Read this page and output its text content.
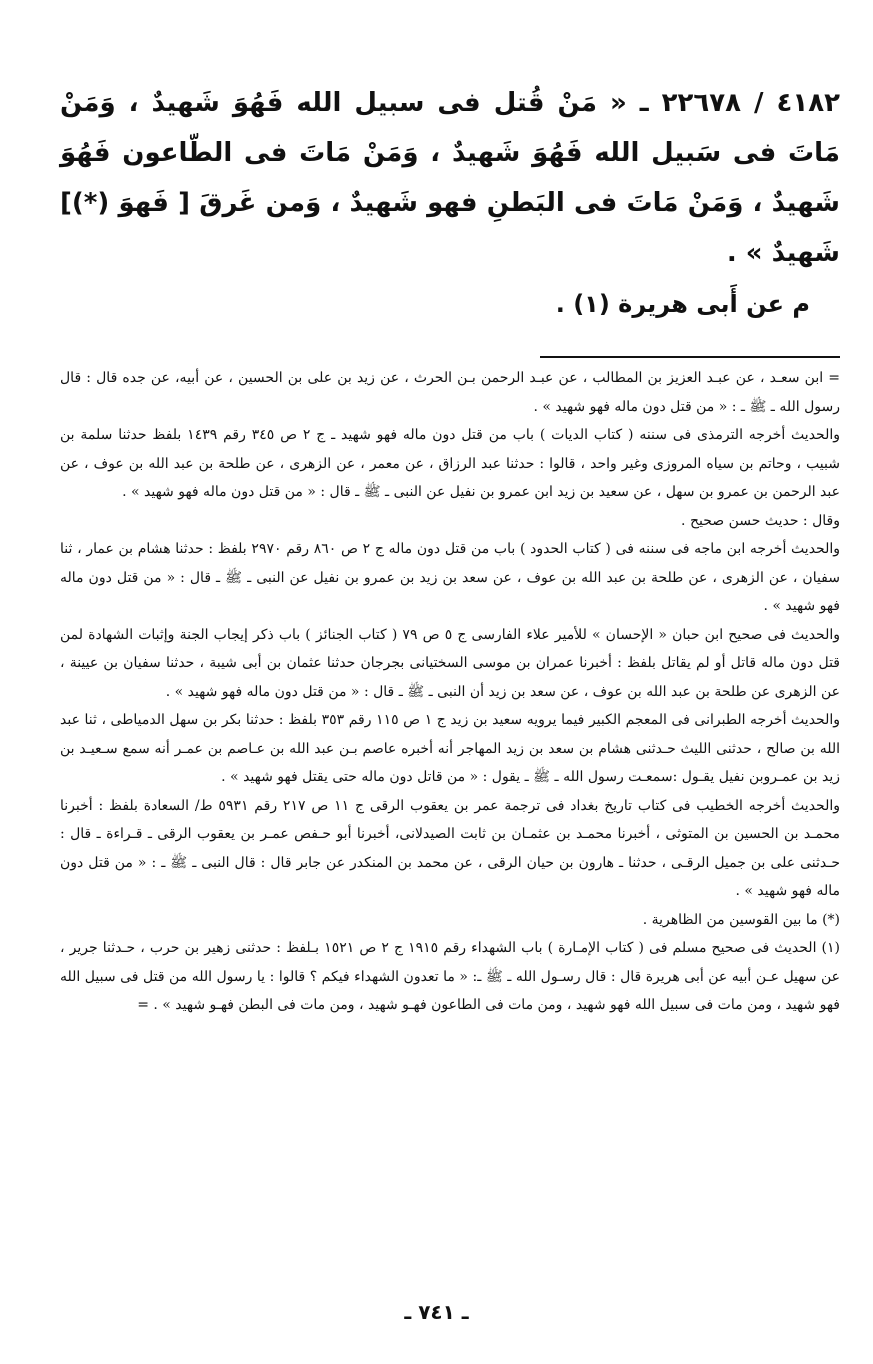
٤١٨٢ / ٢٢٦٧٨ ـ « مَنْ قُتل فى سبيل الله فَهُوَ شَهيدٌ ، وَمَنْ مَاتَ فى سَبيل الله فَهُوَ شَهيدٌ ، وَمَنْ مَاتَ فى الطّاعون فَهُوَ شَهيدٌ ، وَمَنْ مَاتَ فى البَطنِ فهو شَهيدٌ ، وَمن غَرقَ [ فَهوَ (*)] شَهيدٌ » .

م عن أَبى هريرة (١) .

= ابن سعـد ، عن عبـد العزيز بن المطالب ، عن عبـد الرحمن بـن الحرث ، عن زيد بن على بن الحسين ، عن أبيه، عن جده قال : قال رسول الله ـ ﷺ ـ : « من قتل دون ماله فهو شهيد » .

والحديث أخرجه الترمذى فى سننه ( كتاب الديات ) باب من قتل دون ماله فهو شهيد ـ ج ٢ ص ٣٤٥ رقم ١٤٣٩ بلفظ حدثنا سلمة بن شبيب ، وحاتم بن سياه المروزى وغير واحد ، قالوا : حدثنا عبد الرزاق ، عن معمر ، عن الزهرى ، عن طلحة بن عبد الله بن عوف ، عن عبد الرحمن بن عمرو بن سهل ، عن سعيد بن زيد ابن عمرو بن نفيل عن النبى ـ ﷺ ـ قال : « من قتل دون ماله فهو شهيد » .

وقال : حديث حسن صحيح .

والحديث أخرجه ابن ماجه فى سننه فى ( كتاب الحدود ) باب من قتل دون ماله ج ٢ ص ٨٦٠ رقم ٢٩٧٠ بلفظ : حدثنا هشام بن عمار ، ثنا سفيان ، عن الزهرى ، عن طلحة بن عبد الله بن عوف ، عن سعد بن زيد بن عمرو بن نفيل عن النبى ـ ﷺ ـ قال : « من قتل دون ماله فهو شهيد » .

والحديث فى صحيح ابن حبان « الإحسان » للأمير علاء الفارسى ج ٥ ص ٧٩ ( كتاب الجنائز ) باب ذكر إيجاب الجنة وإثبات الشهادة لمن قتل دون ماله قاتل أو لم يقاتل بلفظ : أخبرنا عمران بن موسى السختيانى بجرجان حدثنا عثمان بن أبى شيبة ، حدثنا سفيان بن عيينة ، عن الزهرى عن طلحة بن عبد الله بن عوف ، عن سعد بن زيد أن النبى ـ ﷺ ـ قال : « من قتل دون ماله فهو شهيد » .

والحديث أخرجه الطبرانى فى المعجم الكبير فيما يرويه سعيد بن زيد ج ١ ص ١١٥ رقم ٣٥٣ بلفظ : حدثنا بكر بن سهل الدمياطى ، ثنا عبد الله بن صالح ، حدثنى الليث حـدثنى هشام بن سعد بن زيد المهاجر أنه أخبره عاصم بـن عبد الله بن عـاصم بن عمـر أنه سمع سـعيـد بن زيد بن عمـروبن نفيل يقـول :سمعـت رسول الله ـ ﷺ ـ يقول : « من قاتل دون ماله حتى يقتل فهو شهيد » .

والحديث أخرجه الخطيب فى كتاب تاريخ بغداد فى ترجمة عمر بن يعقوب الرقى ج ١١ ص ٢١٧ رقم ٥٩٣١ ط/ السعادة بلفظ : أخبرنا محمـد بن الحسين بن المتوثى ، أخبرنا محمـد بن عثمـان بن ثابت الصيدلانى، أخبرنا أبو حـفص عمـر بن يعقوب الرقى ـ قـراءة ـ قال : حـدثنى على بن جميل الرقـى ، حدثنا ـ هارون بن حيان الرقى ، عن محمد بن المنكدر عن جابر قال : قال النبى ـ ﷺ ـ : « من قتل دون ماله فهو شهيد » .

(*) ما بين القوسين من الظاهرية .

(١) الحديث فى صحيح مسلم فى ( كتاب الإمـارة ) باب الشهداء رقم ١٩١٥ ج ٢ ص ١٥٢١ بـلفظ : حدثنى زهير بن حرب ، حـدثنا جرير ، عن سهيل عـن أبيه عن أبى هريرة قال : قال رسـول الله ـ ﷺ ـ: « ما تعدون الشهداء فيكم ؟ قالوا : يا رسول الله من قتل فى سبيل الله فهو شهيد ، ومن مات فى سبيل الله فهو شهيد ، ومن مات فى الطاعون فهـو شهيد ، ومن مات فى البطن فهـو شهيد » . =

ـ ٧٤١ ـ
